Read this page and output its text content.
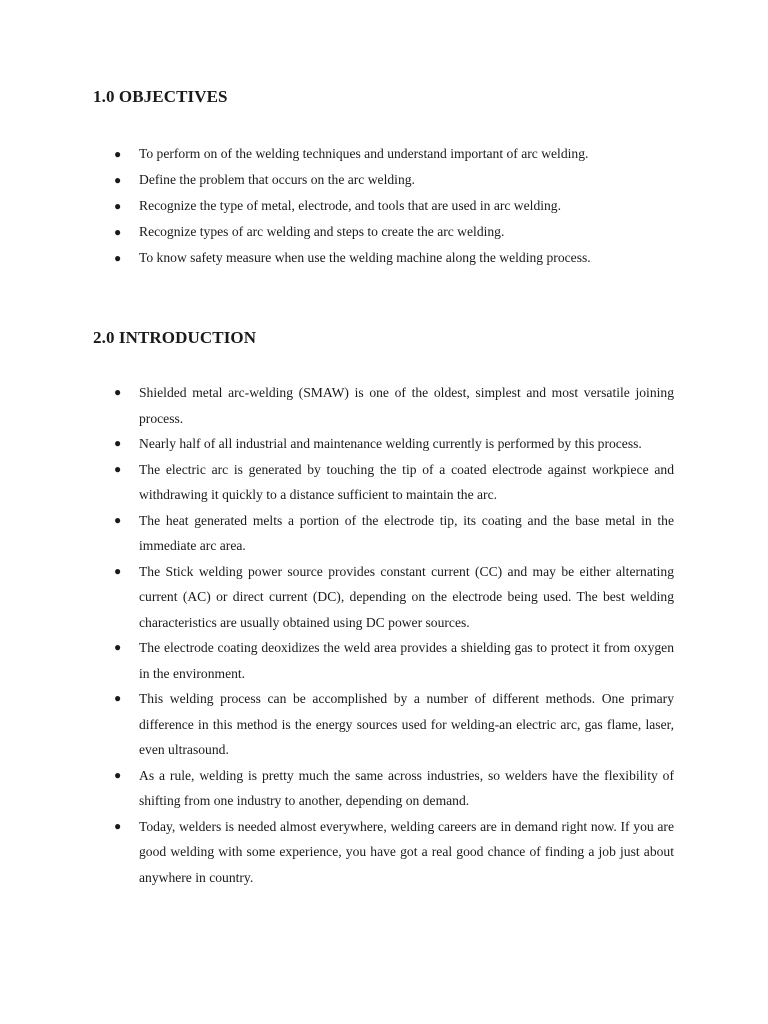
1.0 OBJECTIVES
● To perform on of the welding techniques and understand important of arc welding.
● Define the problem that occurs on the arc welding.
● Recognize the type of metal, electrode, and tools that are used in arc welding.
● Recognize types of arc welding and steps to create the arc welding.
● To know safety measure when use the welding machine along the welding process.
2.0 INTRODUCTION
● Shielded metal arc-welding (SMAW) is one of the oldest, simplest and most versatile joining process.
● Nearly half of all industrial and maintenance welding currently is performed by this process.
● The electric arc is generated by touching the tip of a coated electrode against workpiece and withdrawing it quickly to a distance sufficient to maintain the arc.
● The heat generated melts a portion of the electrode tip, its coating and the base metal in the immediate arc area.
● The Stick welding power source provides constant current (CC) and may be either alternating current (AC) or direct current (DC), depending on the electrode being used. The best welding characteristics are usually obtained using DC power sources.
● The electrode coating deoxidizes the weld area provides a shielding gas to protect it from oxygen in the environment.
● This welding process can be accomplished by a number of different methods. One primary difference in this method is the energy sources used for welding-an electric arc, gas flame, laser, even ultrasound.
● As a rule, welding is pretty much the same across industries, so welders have the flexibility of shifting from one industry to another, depending on demand.
● Today, welders is needed almost everywhere, welding careers are in demand right now. If you are good welding with some experience, you have got a real good chance of finding a job just about anywhere in country.
